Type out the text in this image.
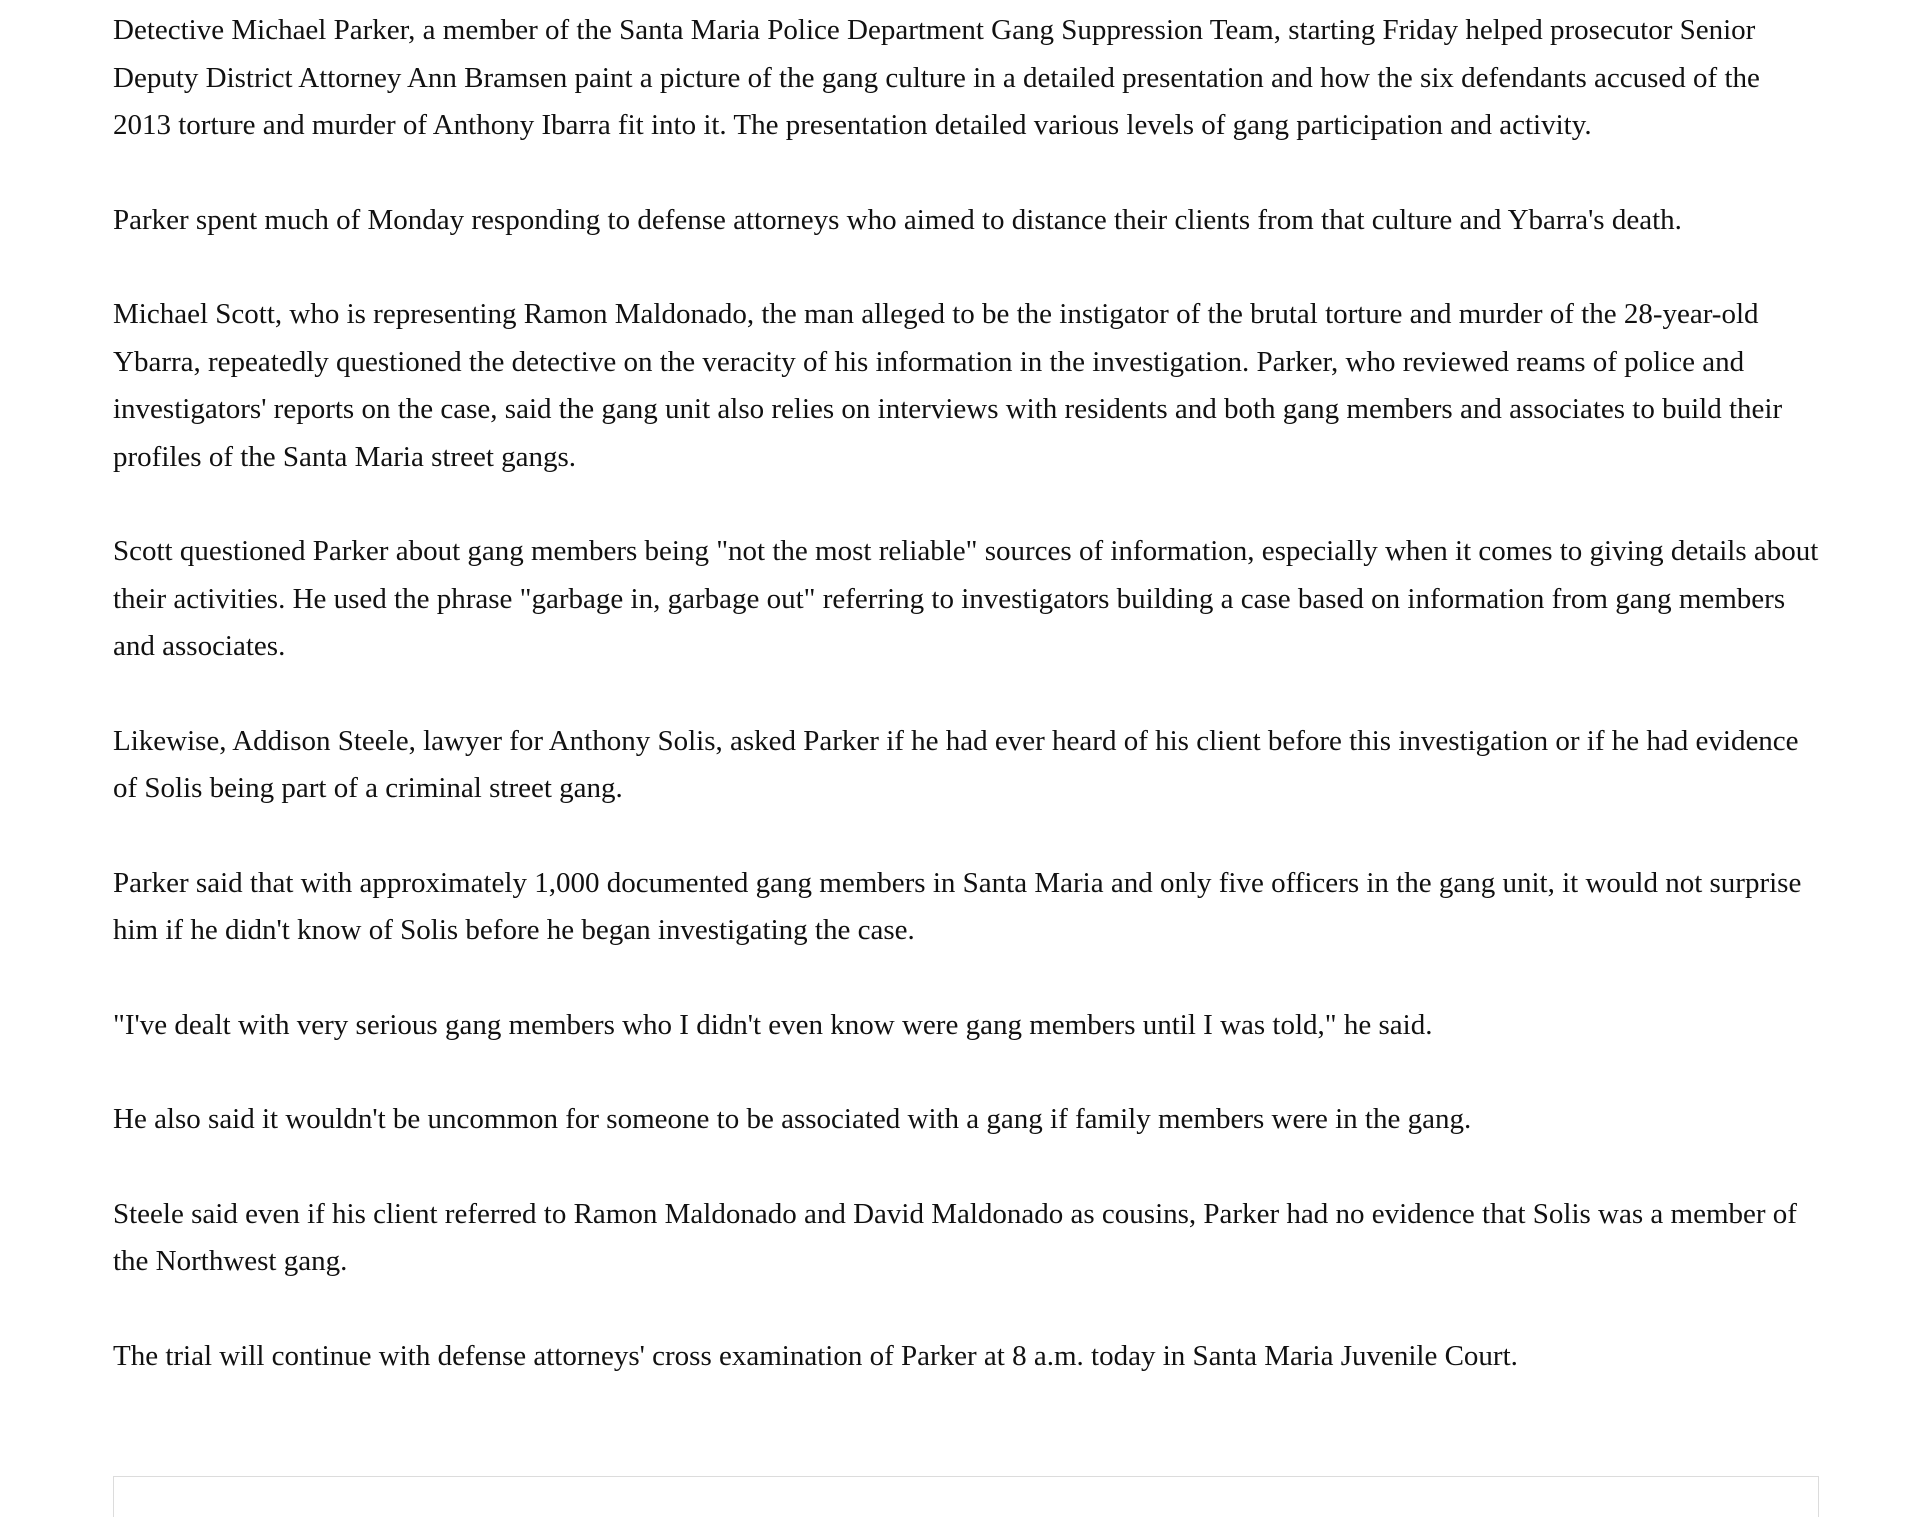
Detective Michael Parker, a member of the Santa Maria Police Department Gang Suppression Team, starting Friday helped prosecutor Senior Deputy District Attorney Ann Bramsen paint a picture of the gang culture in a detailed presentation and how the six defendants accused of the 2013 torture and murder of Anthony Ibarra fit into it. The presentation detailed various levels of gang participation and activity.

Parker spent much of Monday responding to defense attorneys who aimed to distance their clients from that culture and Ybarra's death.

Michael Scott, who is representing Ramon Maldonado, the man alleged to be the instigator of the brutal torture and murder of the 28-year-old Ybarra, repeatedly questioned the detective on the veracity of his information in the investigation. Parker, who reviewed reams of police and investigators' reports on the case, said the gang unit also relies on interviews with residents and both gang members and associates to build their profiles of the Santa Maria street gangs.

Scott questioned Parker about gang members being "not the most reliable" sources of information, especially when it comes to giving details about their activities. He used the phrase "garbage in, garbage out" referring to investigators building a case based on information from gang members and associates.

Likewise, Addison Steele, lawyer for Anthony Solis, asked Parker if he had ever heard of his client before this investigation or if he had evidence of Solis being part of a criminal street gang.

Parker said that with approximately 1,000 documented gang members in Santa Maria and only five officers in the gang unit, it would not surprise him if he didn't know of Solis before he began investigating the case.

"I've dealt with very serious gang members who I didn't even know were gang members until I was told," he said.

He also said it wouldn't be uncommon for someone to be associated with a gang if family members were in the gang.

Steele said even if his client referred to Ramon Maldonado and David Maldonado as cousins, Parker had no evidence that Solis was a member of the Northwest gang.

The trial will continue with defense attorneys' cross examination of Parker at 8 a.m. today in Santa Maria Juvenile Court.
